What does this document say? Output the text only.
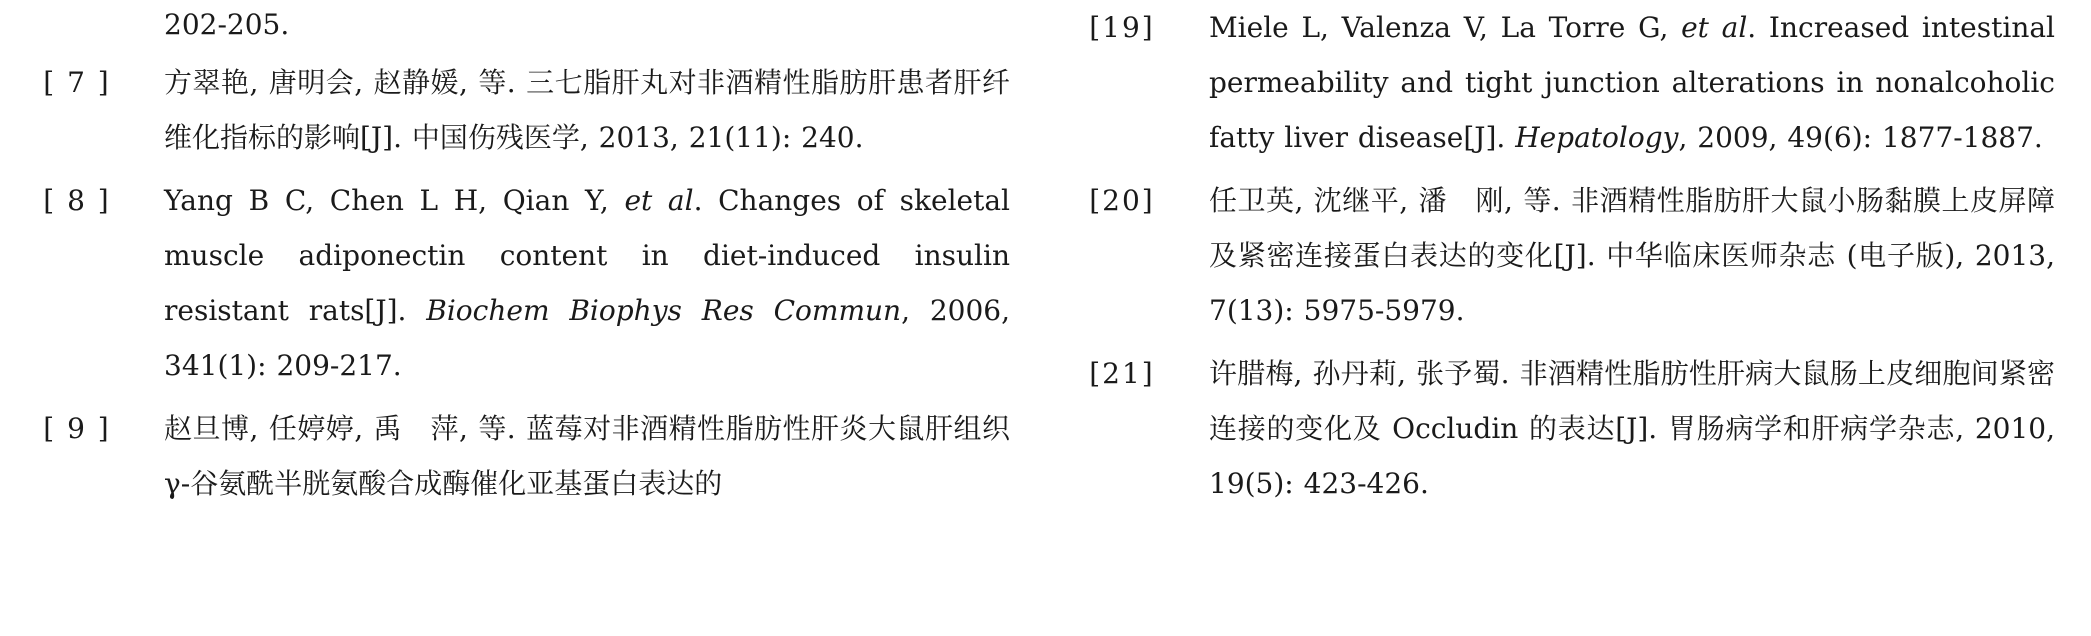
202-205.
[ 7 ] 方翠艳, 唐明会, 赵静媛, 等. 三七脂肝丸对非酒精性脂肪肝患者肝纤维化指标的影响[J]. 中国伤残医学, 2013, 21(11): 240.
[ 8 ] Yang B C, Chen L H, Qian Y, et al. Changes of skeletal muscle adiponectin content in diet-induced insulin resistant rats[J]. Biochem Biophys Res Commun, 2006, 341(1): 209-217.
[ 9 ] 赵旦博, 任婷婷, 禹　萍, 等. 蓝莓对非酒精性脂肪性肝炎大鼠肝组织 γ-谷氨酰半胱氨酸合成酶催化亚基蛋白表达的
[19] Miele L, Valenza V, La Torre G, et al. Increased intestinal permeability and tight junction alterations in nonalcoholic fatty liver disease[J]. Hepatology, 2009, 49(6): 1877-1887.
[20] 任卫英, 沈继平, 潘　刚, 等. 非酒精性脂肪肝大鼠小肠黏膜上皮屏障及紧密连接蛋白表达的变化[J]. 中华临床医师杂志 (电子版), 2013, 7(13): 5975-5979.
[21] 许腊梅, 孙丹莉, 张予蜀. 非酒精性脂肪性肝病大鼠肠上皮细胞间紧密连接的变化及 Occludin 的表达[J]. 胃肠病学和肝病学杂志, 2010, 19(5): 423-426.
